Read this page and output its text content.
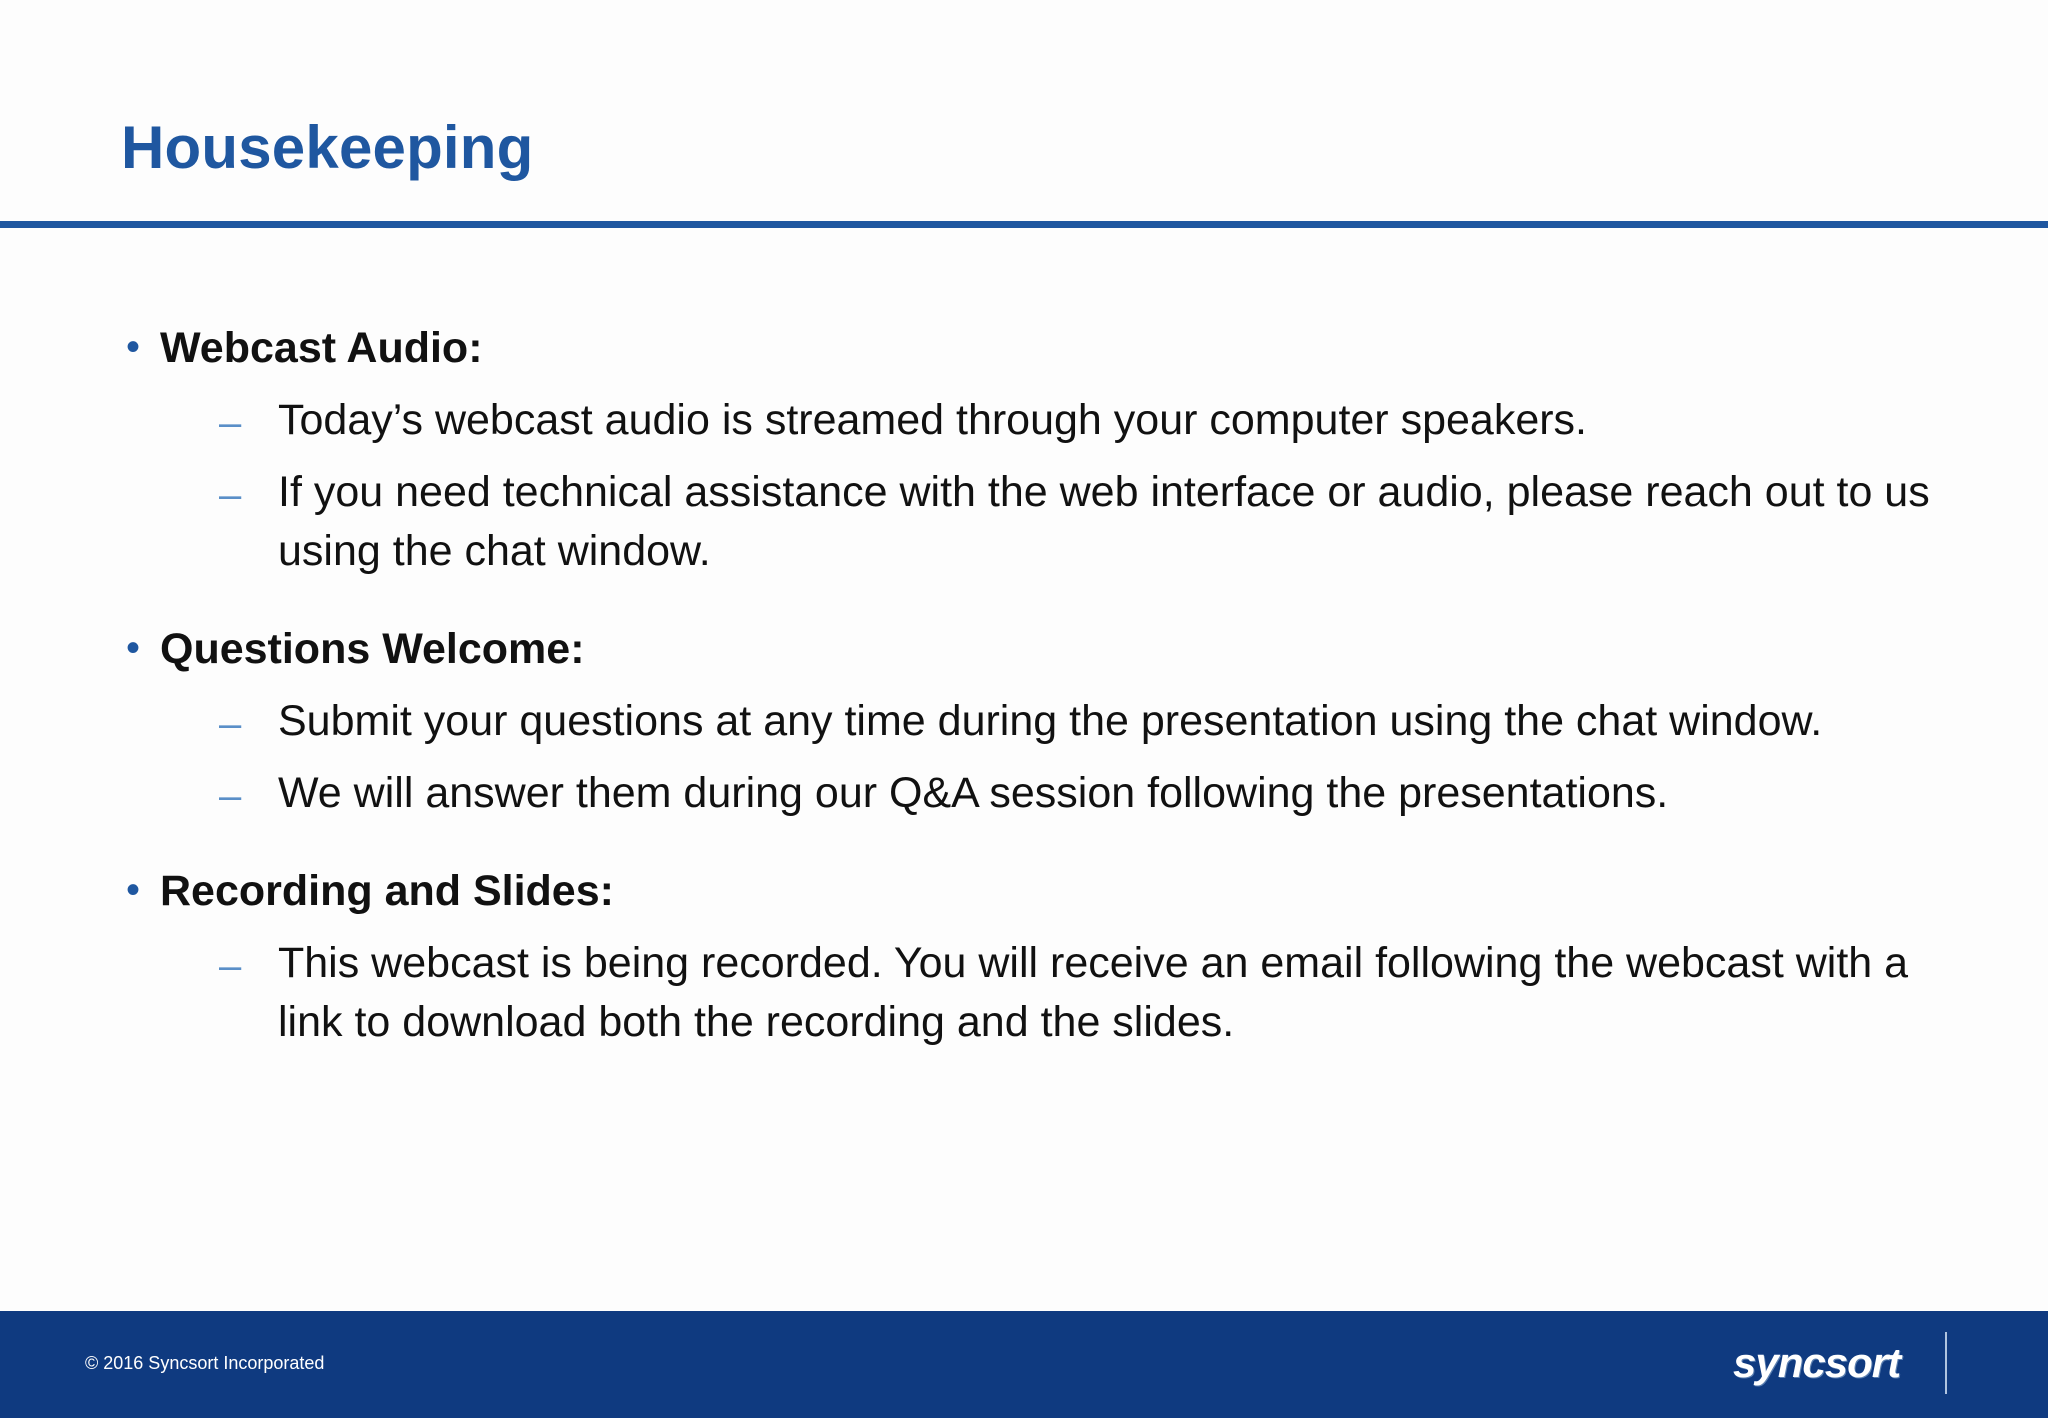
Housekeeping
• Webcast Audio:
– Today’s webcast audio is streamed through your computer speakers.
– If you need technical assistance with the web interface or audio, please reach out to us using the chat window.
• Questions Welcome:
– Submit your questions at any time during the presentation using the chat window.
– We will answer them during our Q&A session following the presentations.
• Recording and Slides:
– This webcast is being recorded. You will receive an email following the webcast with a link to download both the recording and the slides.
© 2016 Syncsort Incorporated	syncsort
